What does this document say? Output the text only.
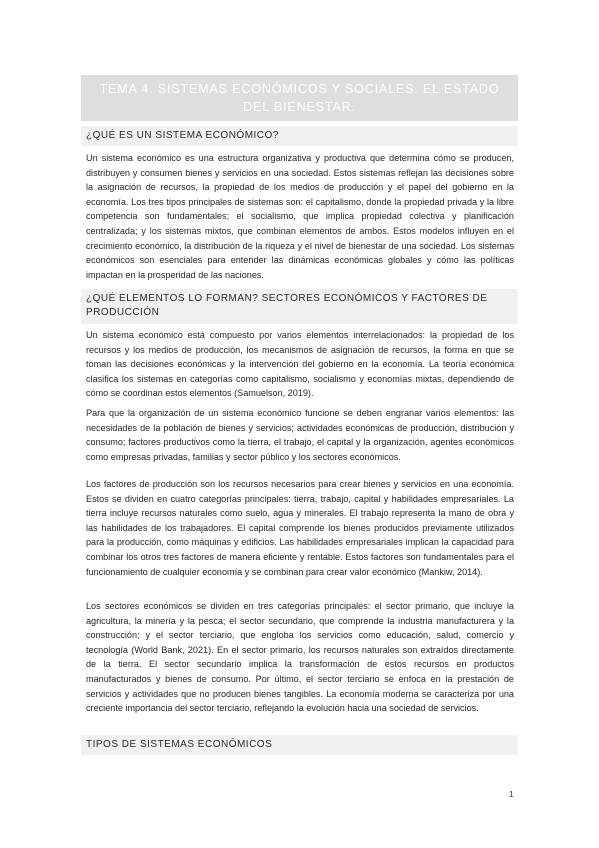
TEMA 4. SISTEMAS ECONÓMICOS Y SOCIALES. EL ESTADO DEL BIENESTAR.
¿QUÉ ES UN SISTEMA ECONÓMICO?
Un sistema económico es una estructura organizativa y productiva que determina cómo se producen, distribuyen y consumen bienes y servicios en una sociedad. Estos sistemas reflejan las decisiones sobre la asignación de recursos, la propiedad de los medios de producción y el papel del gobierno en la economía. Los tres tipos principales de sistemas son: el capitalismo, donde la propiedad privada y la libre competencia son fundamentales; el socialismo, que implica propiedad colectiva y planificación centralizada; y los sistemas mixtos, que combinan elementos de ambos. Estos modelos influyen en el crecimiento económico, la distribución de la riqueza y el nivel de bienestar de una sociedad. Los sistemas económicos son esenciales para entender las dinámicas económicas globales y cómo las políticas impactan en la prosperidad de las naciones.
¿QUÉ ELEMENTOS LO FORMAN? SECTORES ECONÓMICOS Y FACTORES DE PRODUCCIÓN
Un sistema económico está compuesto por varios elementos interrelacionados: la propiedad de los recursos y los medios de producción, los mecanismos de asignación de recursos, la forma en que se toman las decisiones económicas y la intervención del gobierno en la economía. La teoría económica clasifica los sistemas en categorías como capitalismo, socialismo y economías mixtas, dependiendo de cómo se coordinan estos elementos (Samuelson, 2019).
Para que la organización de un sistema económico funcione se deben engranar varios elementos: las necesidades de la población de bienes y servicios; actividades económicas de producción, distribución y consumo; factores productivos como la tierra, el trabajo, el capital y la organización, agentes económicos como empresas privadas, familias y sector público y los sectores económicos.
Los factores de producción son los recursos necesarios para crear bienes y servicios en una economía. Estos se dividen en cuatro categorías principales: tierra, trabajo, capital y habilidades empresariales. La tierra incluye recursos naturales como suelo, agua y minerales. El trabajo representa la mano de obra y las habilidades de los trabajadores. El capital comprende los bienes producidos previamente utilizados para la producción, como máquinas y edificios. Las habilidades empresariales implican la capacidad para combinar los otros tres factores de manera eficiente y rentable. Estos factores son fundamentales para el funcionamiento de cualquier economía y se combinan para crear valor económico (Mankiw, 2014).
Los sectores económicos se dividen en tres categorías principales: el sector primario, que incluye la agricultura, la minería y la pesca; el sector secundario, que comprende la industria manufacturera y la construcción; y el sector terciario, que engloba los servicios como educación, salud, comercio y tecnología (World Bank, 2021). En el sector primario, los recursos naturales son extraídos directamente de la tierra. El sector secundario implica la transformación de estos recursos en productos manufacturados y bienes de consumo. Por último, el sector terciario se enfoca en la prestación de servicios y actividades que no producen bienes tangibles. La economía moderna se caracteriza por una creciente importancia del sector terciario, reflejando la evolución hacia una sociedad de servicios.
TIPOS DE SISTEMAS ECONÓMICOS
1
